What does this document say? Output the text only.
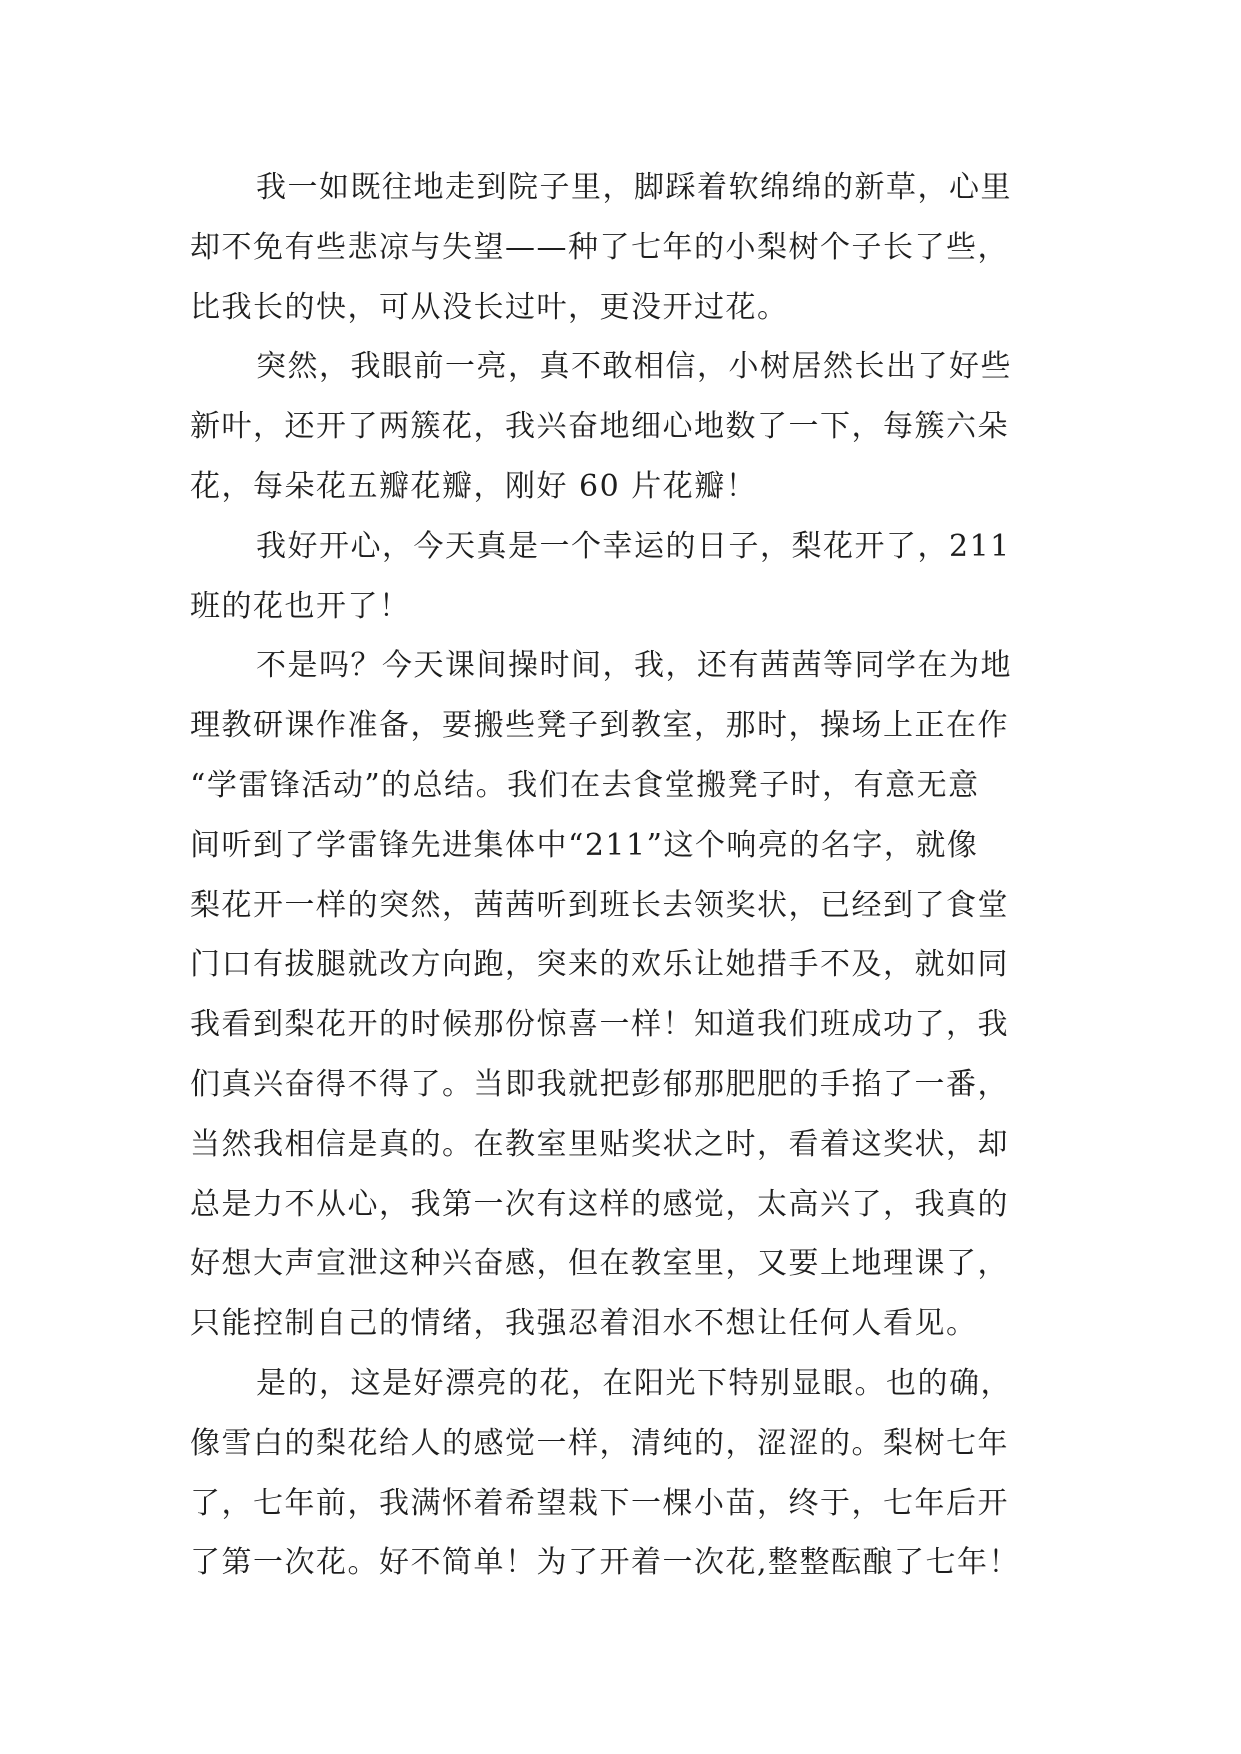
我一如既往地走到院子里，脚踩着软绵绵的新草，心里
却不免有些悲凉与失望——种了七年的小梨树个子长了些，
比我长的快，可从没长过叶，更没开过花。
突然，我眼前一亮，真不敢相信，小树居然长出了好些
新叶，还开了两簇花，我兴奋地细心地数了一下，每簇六朵
花，每朵花五瓣花瓣，刚好 60 片花瓣！
我好开心，今天真是一个幸运的日子，梨花开了，211
班的花也开了！
不是吗？今天课间操时间，我，还有茜茜等同学在为地
理教研课作准备，要搬些凳子到教室，那时，操场上正在作
“学雷锋活动”的总结。我们在去食堂搬凳子时，有意无意
间听到了学雷锋先进集体中“211”这个响亮的名字，就像
梨花开一样的突然，茜茜听到班长去领奖状，已经到了食堂
门口有拔腿就改方向跑，突来的欢乐让她措手不及，就如同
我看到梨花开的时候那份惊喜一样！知道我们班成功了，我
们真兴奋得不得了。当即我就把彭郁那肥肥的手掐了一番，
当然我相信是真的。在教室里贴奖状之时，看着这奖状，却
总是力不从心，我第一次有这样的感觉，太高兴了，我真的
好想大声宣泄这种兴奋感，但在教室里，又要上地理课了，
只能控制自己的情绪，我强忍着泪水不想让任何人看见。
是的，这是好漂亮的花，在阳光下特别显眼。也的确，
像雪白的梨花给人的感觉一样，清纯的，涩涩的。梨树七年
了，七年前，我满怀着希望栽下一棵小苗，终于，七年后开
了第一次花。好不简单！为了开着一次花,整整酝酿了七年！
